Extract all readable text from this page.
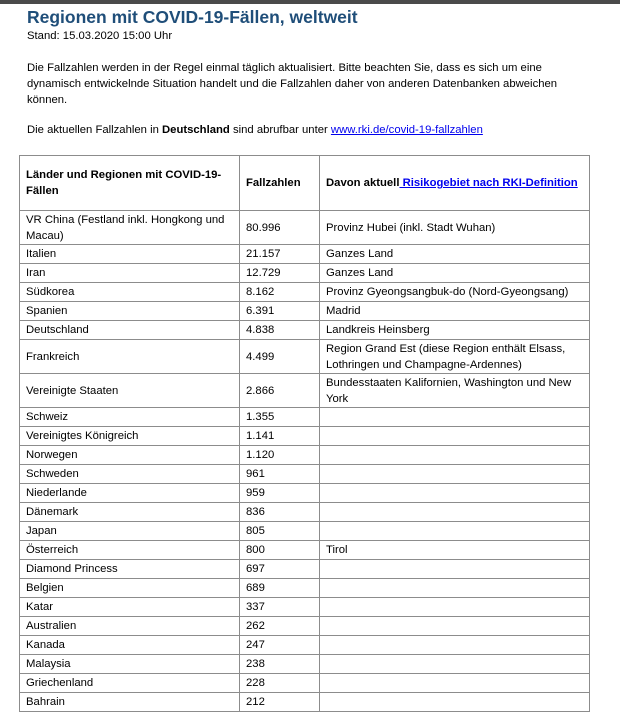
Regionen mit COVID-19-Fällen, weltweit
Stand: 15.03.2020 15:00 Uhr
Die Fallzahlen werden in der Regel einmal täglich aktualisiert. Bitte beachten Sie, dass es sich um eine dynamisch entwickelnde Situation handelt und die Fallzahlen daher von anderen Datenbanken abweichen können.
Die aktuellen Fallzahlen in Deutschland sind abrufbar unter www.rki.de/covid-19-fallzahlen
Länder und Regionen mit COVID-19-Fällen	Fallzahlen	Davon aktuell Risikogebiet nach RKI-Definition
VR China (Festland inkl. Hongkong und Macau)	80.996	Provinz Hubei (inkl. Stadt Wuhan)
Italien	21.157	Ganzes Land
Iran	12.729	Ganzes Land
Südkorea	8.162	Provinz Gyeongsangbuk-do (Nord-Gyeongsang)
Spanien	6.391	Madrid
Deutschland	4.838	Landkreis Heinsberg
Frankreich	4.499	Region Grand Est (diese Region enthält Elsass, Lothringen und Champagne-Ardennes)
Vereinigte Staaten	2.866	Bundesstaaten Kalifornien, Washington und New York
Schweiz	1.355	
Vereinigtes Königreich	1.141	
Norwegen	1.120	
Schweden	961	
Niederlande	959	
Dänemark	836	
Japan	805	
Österreich	800	Tirol
Diamond Princess	697	
Belgien	689	
Katar	337	
Australien	262	
Kanada	247	
Malaysia	238	
Griechenland	228	
Bahrain	212	
